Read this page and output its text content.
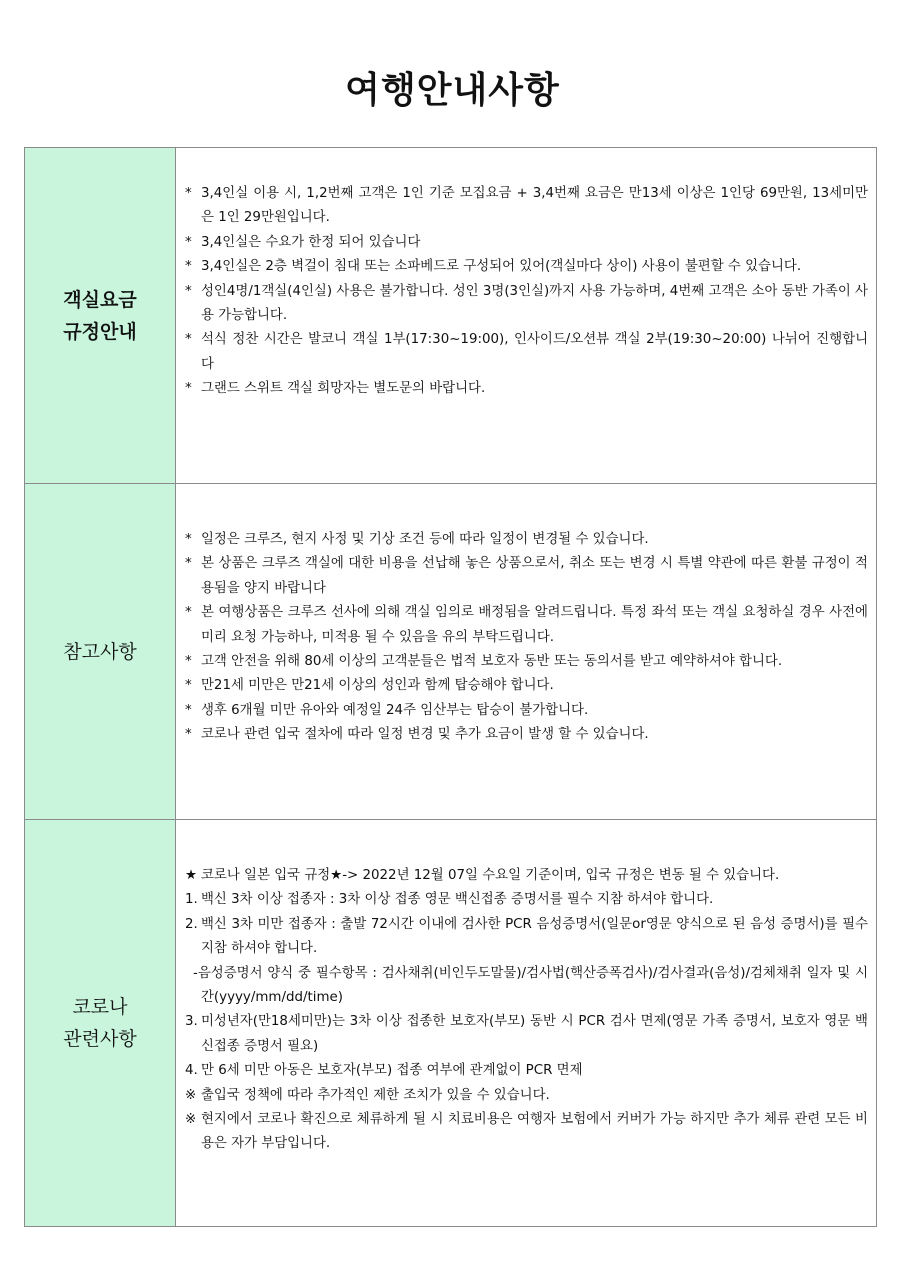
여행안내사항
객실요금
규정안내

* 3,4인실 이용 시, 1,2번째 고객은 1인 기준 모집요금 + 3,4번째 요금은 만13세 이상은 1인당 69만원, 13세미만은 1인 29만원입니다.

* 3,4인실은 수요가 한정 되어 있습니다

* 3,4인실은 2층 벽걸이 침대 또는 소파베드로 구성되어 있어(객실마다 상이) 사용이 불편할 수 있습니다.

* 성인4명/1객실(4인실) 사용은 불가합니다. 성인 3명(3인실)까지 사용 가능하며, 4번째 고객은 소아 동반 가족이 사용 가능합니다.

* 석식 정찬 시간은 발코니 객실 1부(17:30~19:00), 인사이드/오션뷰 객실 2부(19:30~20:00) 나뉘어 진행합니다

* 그랜드 스위트 객실 희망자는 별도문의 바랍니다.

참고사항

* 일정은 크루즈, 현지 사정 및 기상 조건 등에 따라 일정이 변경될 수 있습니다.

* 본 상품은 크루즈 객실에 대한 비용을 선납해 놓은 상품으로서, 취소 또는 변경 시 특별 약관에 따른 환불 규정이 적용됨을 양지 바랍니다

* 본 여행상품은 크루즈 선사에 의해 객실 임의로 배정됨을 알려드립니다. 특정 좌석 또는 객실 요청하실 경우 사전에 미리 요청 가능하나, 미적용 될 수 있음을 유의 부탁드립니다.

* 고객 안전을 위해 80세 이상의 고객분들은 법적 보호자 동반 또는 동의서를 받고 예약하셔야 합니다.

* 만21세 미만은 만21세 이상의 성인과 함께 탑승해야 합니다.

* 생후 6개월 미만 유아와 예정일 24주 임산부는 탑승이 불가합니다.

* 코로나 관련 입국 절차에 따라 일정 변경 및 추가 요금이 발생 할 수 있습니다.

코로나
관련사항

★ 코로나 일본 입국 규정★-> 2022년 12월 07일 수요일 기준이며, 입국 규정은 변동 될 수 있습니다.

1. 백신 3차 이상 접종자 : 3차 이상 접종 영문 백신접종 증명서를 필수 지참 하셔야 합니다.

2. 백신 3차 미만 접종자 : 출발 72시간 이내에 검사한 PCR 음성증명서(일문or영문 양식으로 된 음성 증명서)를 필수 지참 하셔야 합니다.

-음성증명서 양식 중 필수항목 : 검사채취(비인두도말물)/검사법(핵산증폭검사)/검사결과(음성)/검체채취 일자 및 시간(yyyy/mm/dd/time)

3. 미성년자(만18세미만)는 3차 이상 접종한 보호자(부모) 동반 시 PCR 검사 면제(영문 가족 증명서, 보호자 영문 백신접종 증명서 필요)

4. 만 6세 미만 아동은 보호자(부모) 접종 여부에 관계없이 PCR 면제

※ 출입국 정책에 따라 추가적인 제한 조치가 있을 수 있습니다.

※ 현지에서 코로나 확진으로 체류하게 될 시 치료비용은 여행자 보험에서 커버가 가능 하지만 추가 체류 관련 모든 비용은 자가 부담입니다.
